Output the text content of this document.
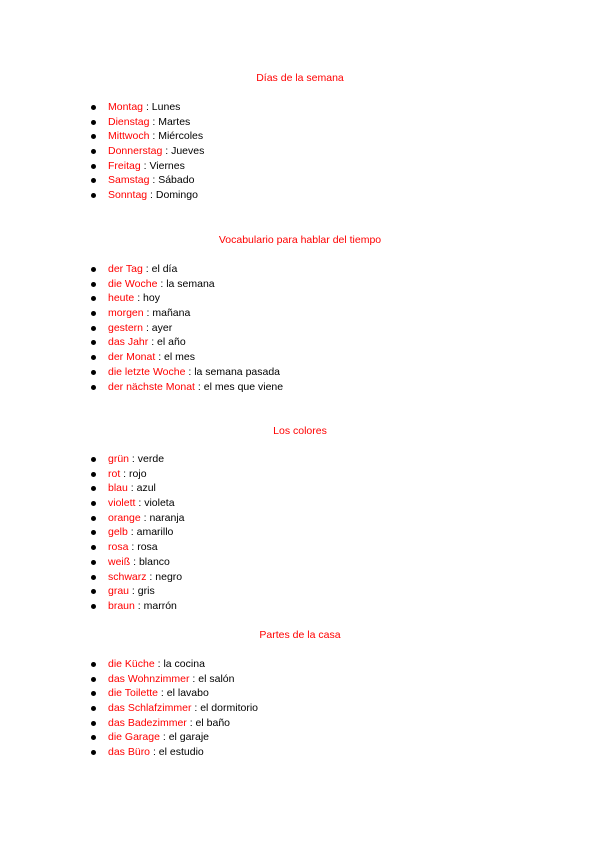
Días de la semana
Montag : Lunes
Dienstag : Martes
Mittwoch : Miércoles
Donnerstag : Jueves
Freitag : Viernes
Samstag : Sábado
Sonntag : Domingo
Vocabulario para hablar del tiempo
der Tag : el día
die Woche : la semana
heute : hoy
morgen : mañana
gestern : ayer
das Jahr : el año
der Monat : el mes
die letzte Woche : la semana pasada
der nächste Monat : el mes que viene
Los colores
grün : verde
rot : rojo
blau : azul
violett : violeta
orange : naranja
gelb : amarillo
rosa : rosa
weiß : blanco
schwarz : negro
grau : gris
braun : marrón
Partes de la casa
die Küche : la cocina
das Wohnzimmer : el salón
die Toilette : el lavabo
das Schlafzimmer : el dormitorio
das Badezimmer : el baño
die Garage : el garaje
das Büro : el estudio
